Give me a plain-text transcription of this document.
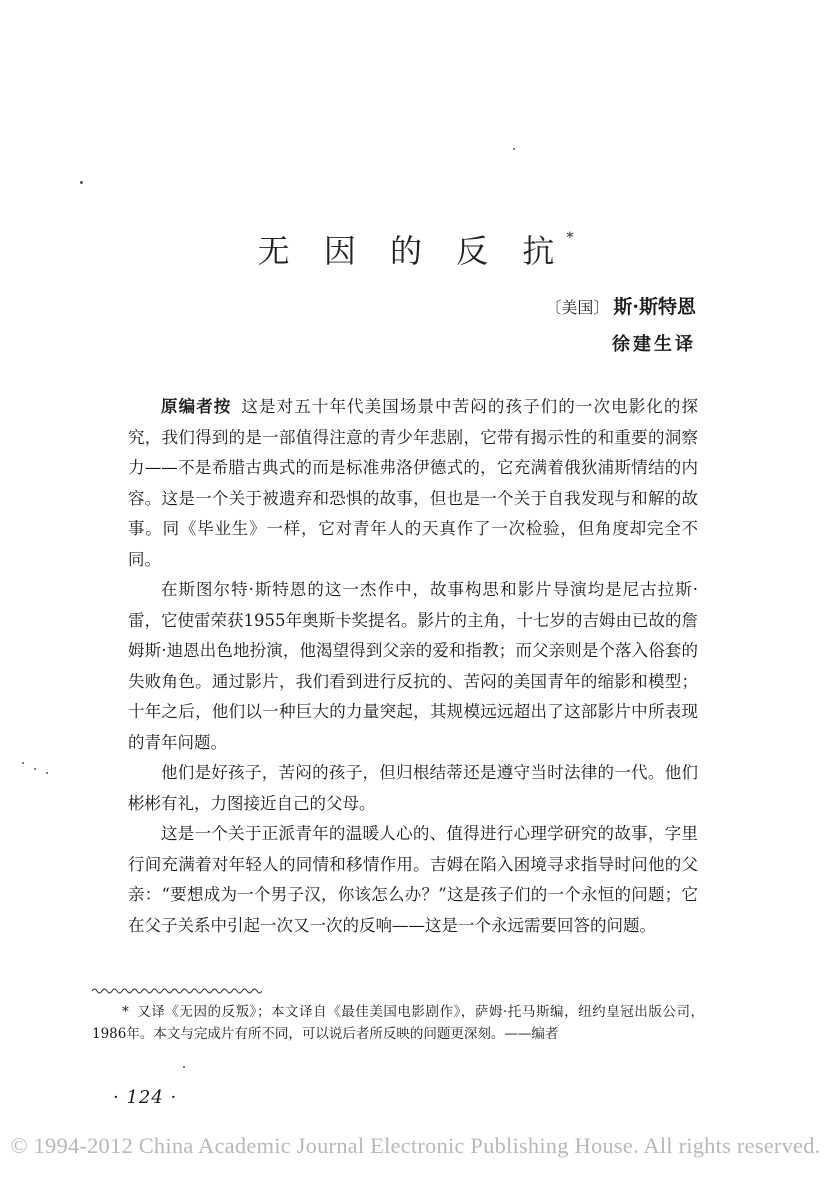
无 因 的 反 抗*
〔美国〕 斯·斯特恩
徐建生译

原编者按 这是对五十年代美国场景中苦闷的孩子们的一次电影化的探究，我们得到的是一部值得注意的青少年悲剧，它带有揭示性的和重要的洞察力——不是希腊古典式的而是标准弗洛伊德式的，它充满着俄狄浦斯情结的内容。这是一个关于被遗弃和恐惧的故事，但也是一个关于自我发现与和解的故事。同《毕业生》一样，它对青年人的天真作了一次检验，但角度却完全不同。

在斯图尔特·斯特恩的这一杰作中，故事构思和影片导演均是尼古拉斯·雷，它使雷荣获1955年奥斯卡奖提名。影片的主角，十七岁的吉姆由已故的詹姆斯·迪恩出色地扮演，他渴望得到父亲的爱和指教；而父亲则是个落入俗套的失败角色。通过影片，我们看到进行反抗的、苦闷的美国青年的缩影和模型；十年之后，他们以一种巨大的力量突起，其规模远远超出了这部影片中所表现的青年问题。

他们是好孩子，苦闷的孩子，但归根结蒂还是遵守当时法律的一代。他们彬彬有礼，力图接近自己的父母。

这是一个关于正派青年的温暖人心的、值得进行心理学研究的故事，字里行间充满着对年轻人的同情和移情作用。吉姆在陷入困境寻求指导时问他的父亲：“要想成为一个男子汉，你该怎么办？”这是孩子们的一个永恒的问题；它在父子关系中引起一次又一次的反响——这是一个永远需要回答的问题。

* 又译《无因的反叛》；本文译自《最佳美国电影剧作》，萨姆·托马斯编，纽约皇冠出版公司，1986年。本文与完成片有所不同，可以说后者所反映的问题更深刻。——编者
· 124 ·
© 1994-2012 China Academic Journal Electronic Publishing House. All rights reserved.
